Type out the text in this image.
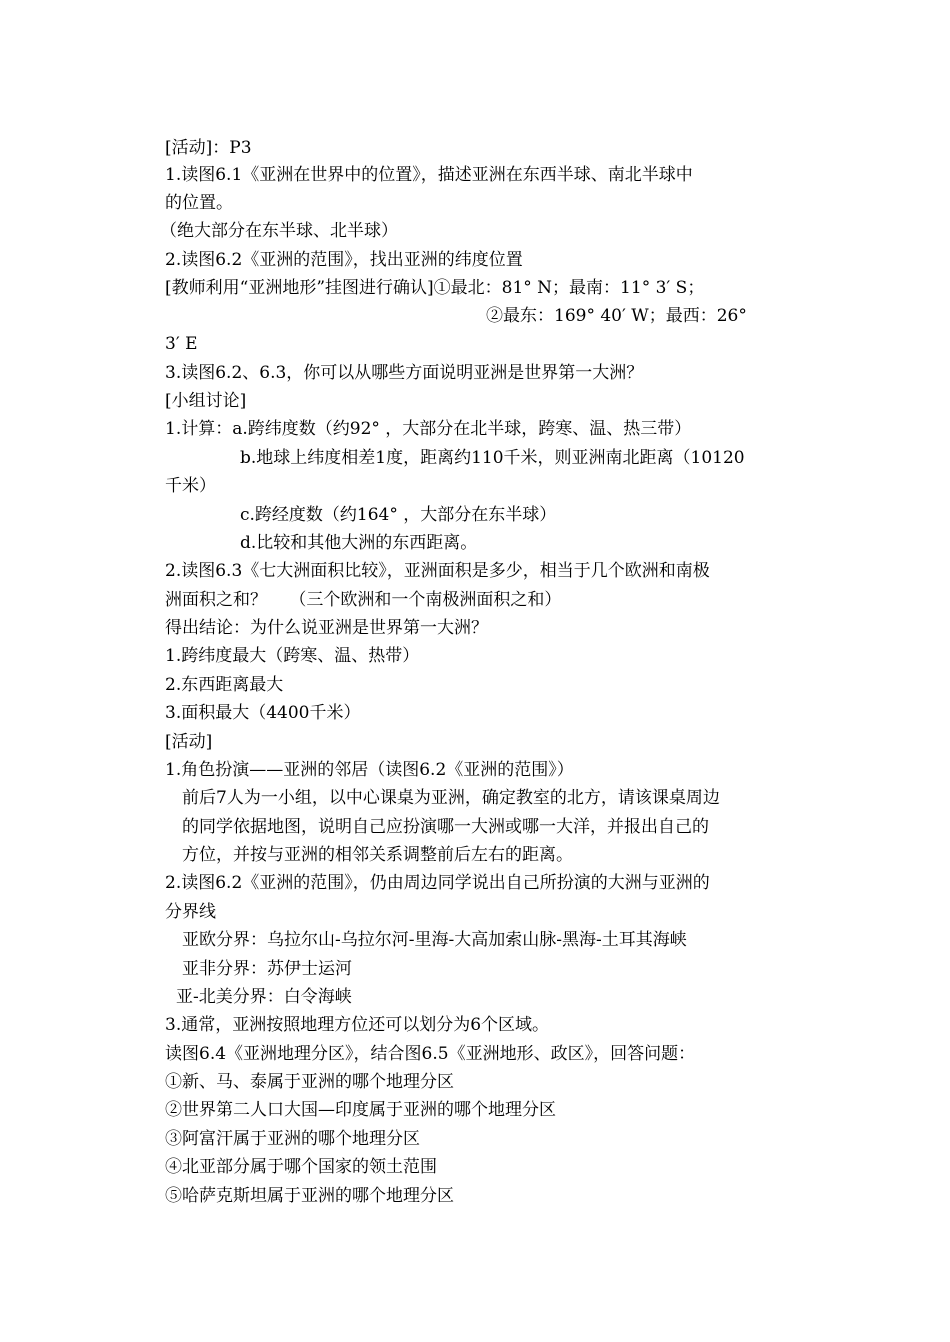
[活动]：P3
1.读图6.1《亚洲在世界中的位置》，描述亚洲在东西半球、南北半球中
的位置。
（绝大部分在东半球、北半球）
2.读图6.2《亚洲的范围》，找出亚洲的纬度位置
[教师利用“亚洲地形”挂图进行确认]①最北：81° N；最南：11° 3′ S；
②最东：169° 40′ W；最西：26°
3′ E
3.读图6.2、6.3，你可以从哪些方面说明亚洲是世界第一大洲？
[小组讨论]
1.计算：a.跨纬度数（约92° ，大部分在北半球，跨寒、温、热三带）
b.地球上纬度相差1度，距离约110千米，则亚洲南北距离（10120
千米）
c.跨经度数（约164° ，大部分在东半球）
d.比较和其他大洲的东西距离。
2.读图6.3《七大洲面积比较》，亚洲面积是多少，相当于几个欧洲和南极
洲面积之和？　 （三个欧洲和一个南极洲面积之和）
得出结论：为什么说亚洲是世界第一大洲？
1.跨纬度最大（跨寒、温、热带）
2.东西距离最大
3.面积最大（4400千米）
[活动]
1.角色扮演——亚洲的邻居（读图6.2《亚洲的范围》）
前后7人为一小组，以中心课桌为亚洲，确定教室的北方，请该课桌周边
的同学依据地图，说明自己应扮演哪一大洲或哪一大洋，并报出自己的
方位，并按与亚洲的相邻关系调整前后左右的距离。
2.读图6.2《亚洲的范围》，仍由周边同学说出自己所扮演的大洲与亚洲的
分界线
亚欧分界：乌拉尔山-乌拉尔河-里海-大高加索山脉-黑海-土耳其海峡
亚非分界：苏伊士运河
亚-北美分界：白令海峡
3.通常，亚洲按照地理方位还可以划分为6个区域。
读图6.4《亚洲地理分区》，结合图6.5《亚洲地形、政区》，回答问题：
①新、马、泰属于亚洲的哪个地理分区
②世界第二人口大国—印度属于亚洲的哪个地理分区
③阿富汗属于亚洲的哪个地理分区
④北亚部分属于哪个国家的领土范围
⑤哈萨克斯坦属于亚洲的哪个地理分区
